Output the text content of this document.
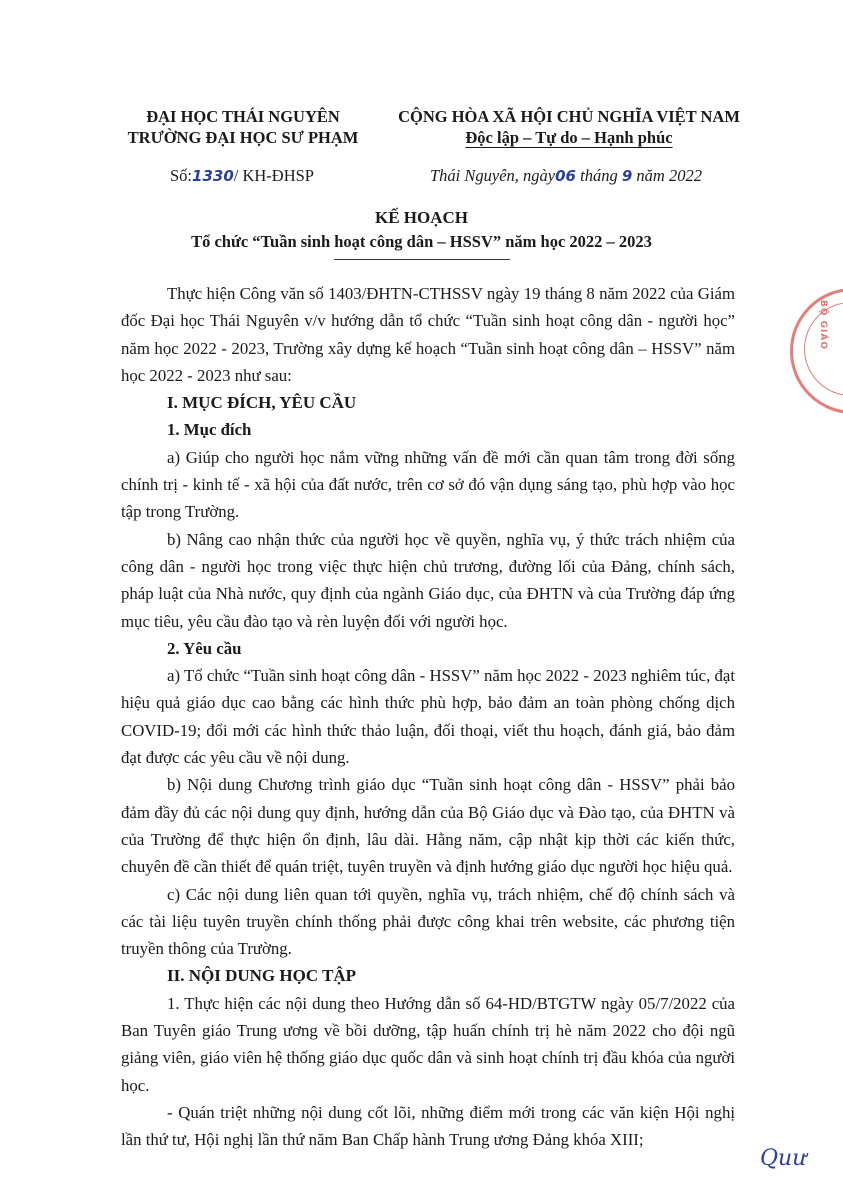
ĐẠI HỌC THÁI NGUYÊN
TRƯỜNG ĐẠI HỌC SƯ PHẠM
CỘNG HÒA XÃ HỘI CHỦ NGHĨA VIỆT NAM
Độc lập – Tự do – Hạnh phúc
Số:1330/ KH-ĐHSP	Thái Nguyên, ngày06 tháng 9 năm 2022
KẾ HOẠCH
Tổ chức “Tuần sinh hoạt công dân – HSSV” năm học 2022 – 2023

Thực hiện Công văn số 1403/ĐHTN-CTHSSV ngày 19 tháng 8 năm 2022 của Giám đốc Đại học Thái Nguyên v/v hướng dẫn tổ chức “Tuần sinh hoạt công dân - người học” năm học 2022 - 2023, Trường xây dựng kế hoạch “Tuần sinh hoạt công dân – HSSV” năm học 2022 - 2023 như sau:

I. MỤC ĐÍCH, YÊU CẦU

1. Mục đích

a) Giúp cho người học nắm vững những vấn đề mới cần quan tâm trong đời sống chính trị - kinh tế - xã hội của đất nước, trên cơ sở đó vận dụng sáng tạo, phù hợp vào học tập trong Trường.

b) Nâng cao nhận thức của người học về quyền, nghĩa vụ, ý thức trách nhiệm của công dân - người học trong việc thực hiện chủ trương, đường lối của Đảng, chính sách, pháp luật của Nhà nước, quy định của ngành Giáo dục, của ĐHTN và của Trường đáp ứng mục tiêu, yêu cầu đào tạo và rèn luyện đối với người học.

2. Yêu cầu

a) Tổ chức “Tuần sinh hoạt công dân - HSSV” năm học 2022 - 2023 nghiêm túc, đạt hiệu quả giáo dục cao bằng các hình thức phù hợp, bảo đảm an toàn phòng chống dịch COVID-19; đổi mới các hình thức thảo luận, đối thoại, viết thu hoạch, đánh giá, bảo đảm đạt được các yêu cầu về nội dung.

b) Nội dung Chương trình giáo dục “Tuần sinh hoạt công dân - HSSV” phải bảo đảm đầy đủ các nội dung quy định, hướng dẫn của Bộ Giáo dục và Đào tạo, của ĐHTN và của Trường để thực hiện ổn định, lâu dài. Hằng năm, cập nhật kịp thời các kiến thức, chuyên đề cần thiết để quán triệt, tuyên truyền và định hướng giáo dục người học hiệu quả.

c) Các nội dung liên quan tới quyền, nghĩa vụ, trách nhiệm, chế độ chính sách và các tài liệu tuyên truyền chính thống phải được công khai trên website, các phương tiện truyền thông của Trường.

II. NỘI DUNG HỌC TẬP

1. Thực hiện các nội dung theo Hướng dẫn số 64-HD/BTGTW ngày 05/7/2022 của Ban Tuyên giáo Trung ương về bồi dưỡng, tập huấn chính trị hè năm 2022 cho đội ngũ giảng viên, giáo viên hệ thống giáo dục quốc dân và sinh hoạt chính trị đầu khóa của người học.

- Quán triệt những nội dung cốt lõi, những điểm mới trong các văn kiện Hội nghị lần thứ tư, Hội nghị lần thứ năm Ban Chấp hành Trung ương Đảng khóa XIII;

BỘ GIÁO
Quư
